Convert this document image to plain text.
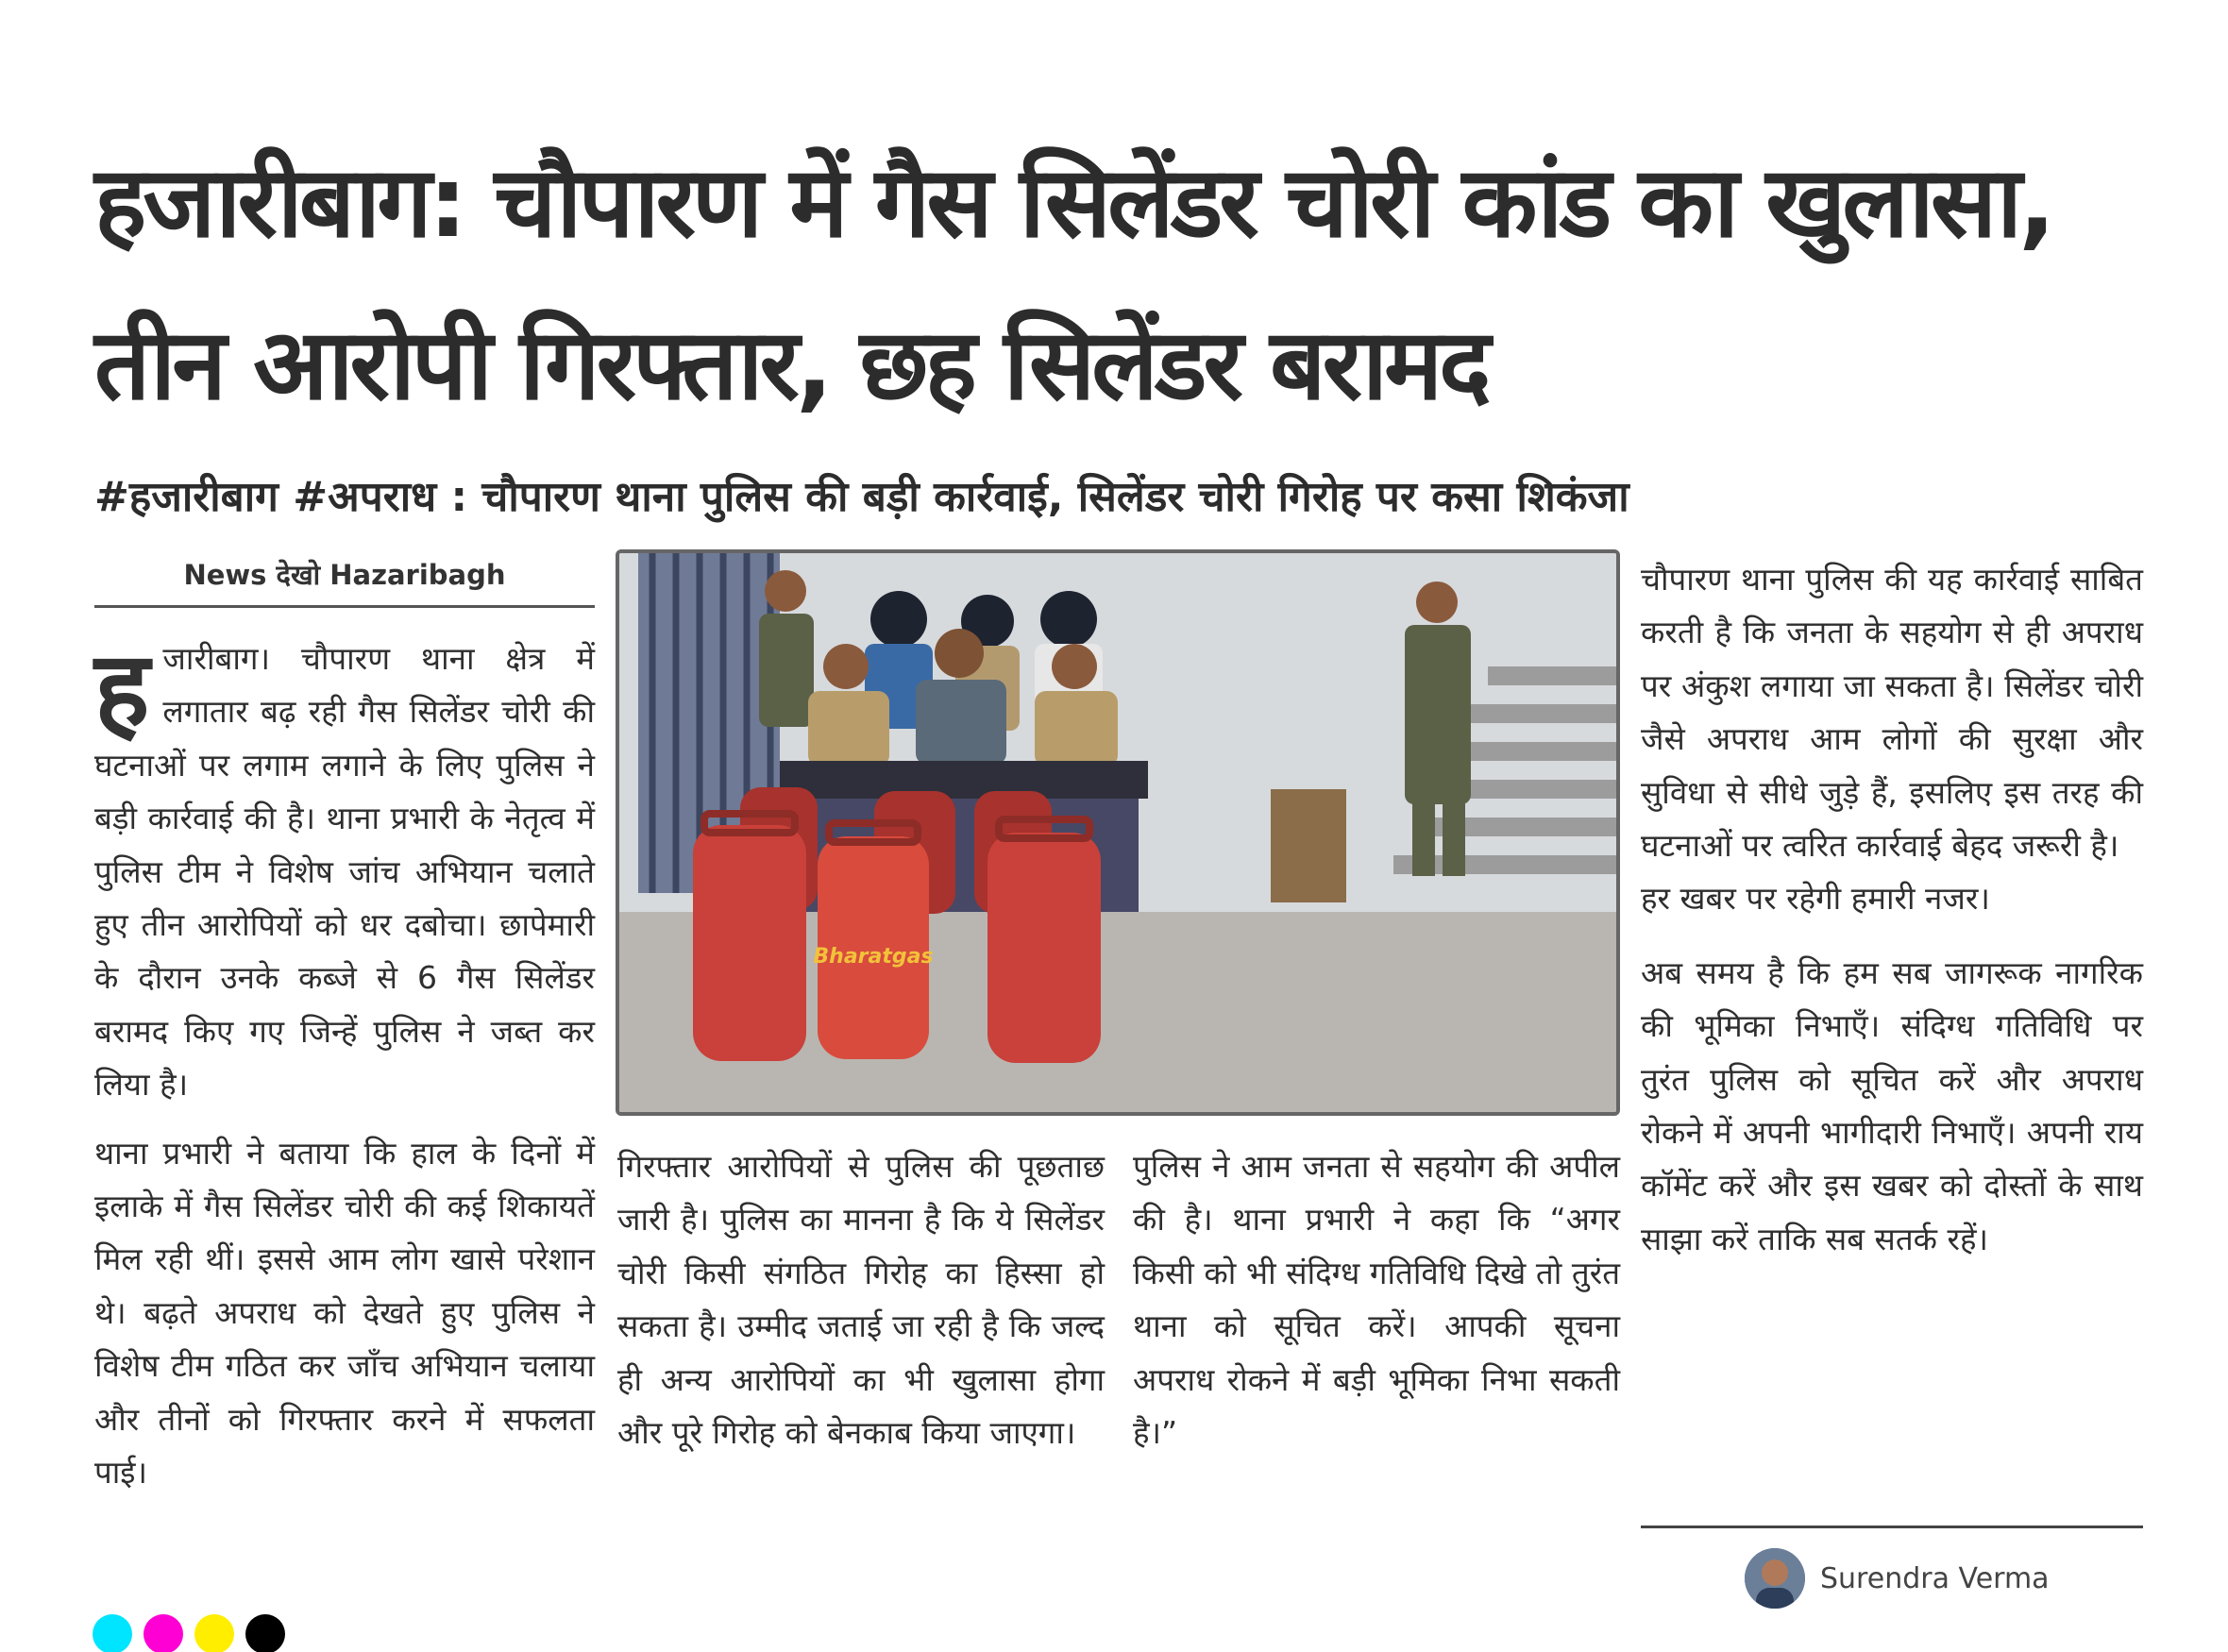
हजारीबाग: चौपारण में गैस सिलेंडर चोरी कांड का खुलासा, तीन आरोपी गिरफ्तार, छह सिलेंडर बरामद
#हजारीबाग #अपराध : चौपारण थाना पुलिस की बड़ी कार्रवाई, सिलेंडर चोरी गिरोह पर कसा शिकंजा
News देखो Hazaribagh

हजारीबाग। चौपारण थाना क्षेत्र में लगातार बढ़ रही गैस सिलेंडर चोरी की घटनाओं पर लगाम लगाने के लिए पुलिस ने बड़ी कार्रवाई की है। थाना प्रभारी के नेतृत्व में पुलिस टीम ने विशेष जांच अभियान चलाते हुए तीन आरोपियों को धर दबोचा। छापेमारी के दौरान उनके कब्जे से 6 गैस सिलेंडर बरामद किए गए जिन्हें पुलिस ने जब्त कर लिया है।

थाना प्रभारी ने बताया कि हाल के दिनों में इलाके में गैस सिलेंडर चोरी की कई शिकायतें मिल रही थीं। इससे आम लोग खासे परेशान थे। बढ़ते अपराध को देखते हुए पुलिस ने विशेष टीम गठित कर जाँच अभियान चलाया और तीनों को गिरफ्तार करने में सफलता पाई।

Bharatgas

गिरफ्तार आरोपियों से पुलिस की पूछताछ जारी है। पुलिस का मानना है कि ये सिलेंडर चोरी किसी संगठित गिरोह का हिस्सा हो सकता है। उम्मीद जताई जा रही है कि जल्द ही अन्य आरोपियों का भी खुलासा होगा और पूरे गिरोह को बेनकाब किया जाएगा।

पुलिस ने आम जनता से सहयोग की अपील की है। थाना प्रभारी ने कहा कि “अगर किसी को भी संदिग्ध गतिविधि दिखे तो तुरंत थाना को सूचित करें। आपकी सूचना अपराध रोकने में बड़ी भूमिका निभा सकती है।”

चौपारण थाना पुलिस की यह कार्रवाई साबित करती है कि जनता के सहयोग से ही अपराध पर अंकुश लगाया जा सकता है। सिलेंडर चोरी जैसे अपराध आम लोगों की सुरक्षा और सुविधा से सीधे जुड़े हैं, इसलिए इस तरह की घटनाओं पर त्वरित कार्रवाई बेहद जरूरी है।

हर खबर पर रहेगी हमारी नजर।

अब समय है कि हम सब जागरूक नागरिक की भूमिका निभाएँ। संदिग्ध गतिविधि पर तुरंत पुलिस को सूचित करें और अपराध रोकने में अपनी भागीदारी निभाएँ। अपनी राय कॉमेंट करें और इस खबर को दोस्तों के साथ साझा करें ताकि सब सतर्क रहें।

Surendra Verma
